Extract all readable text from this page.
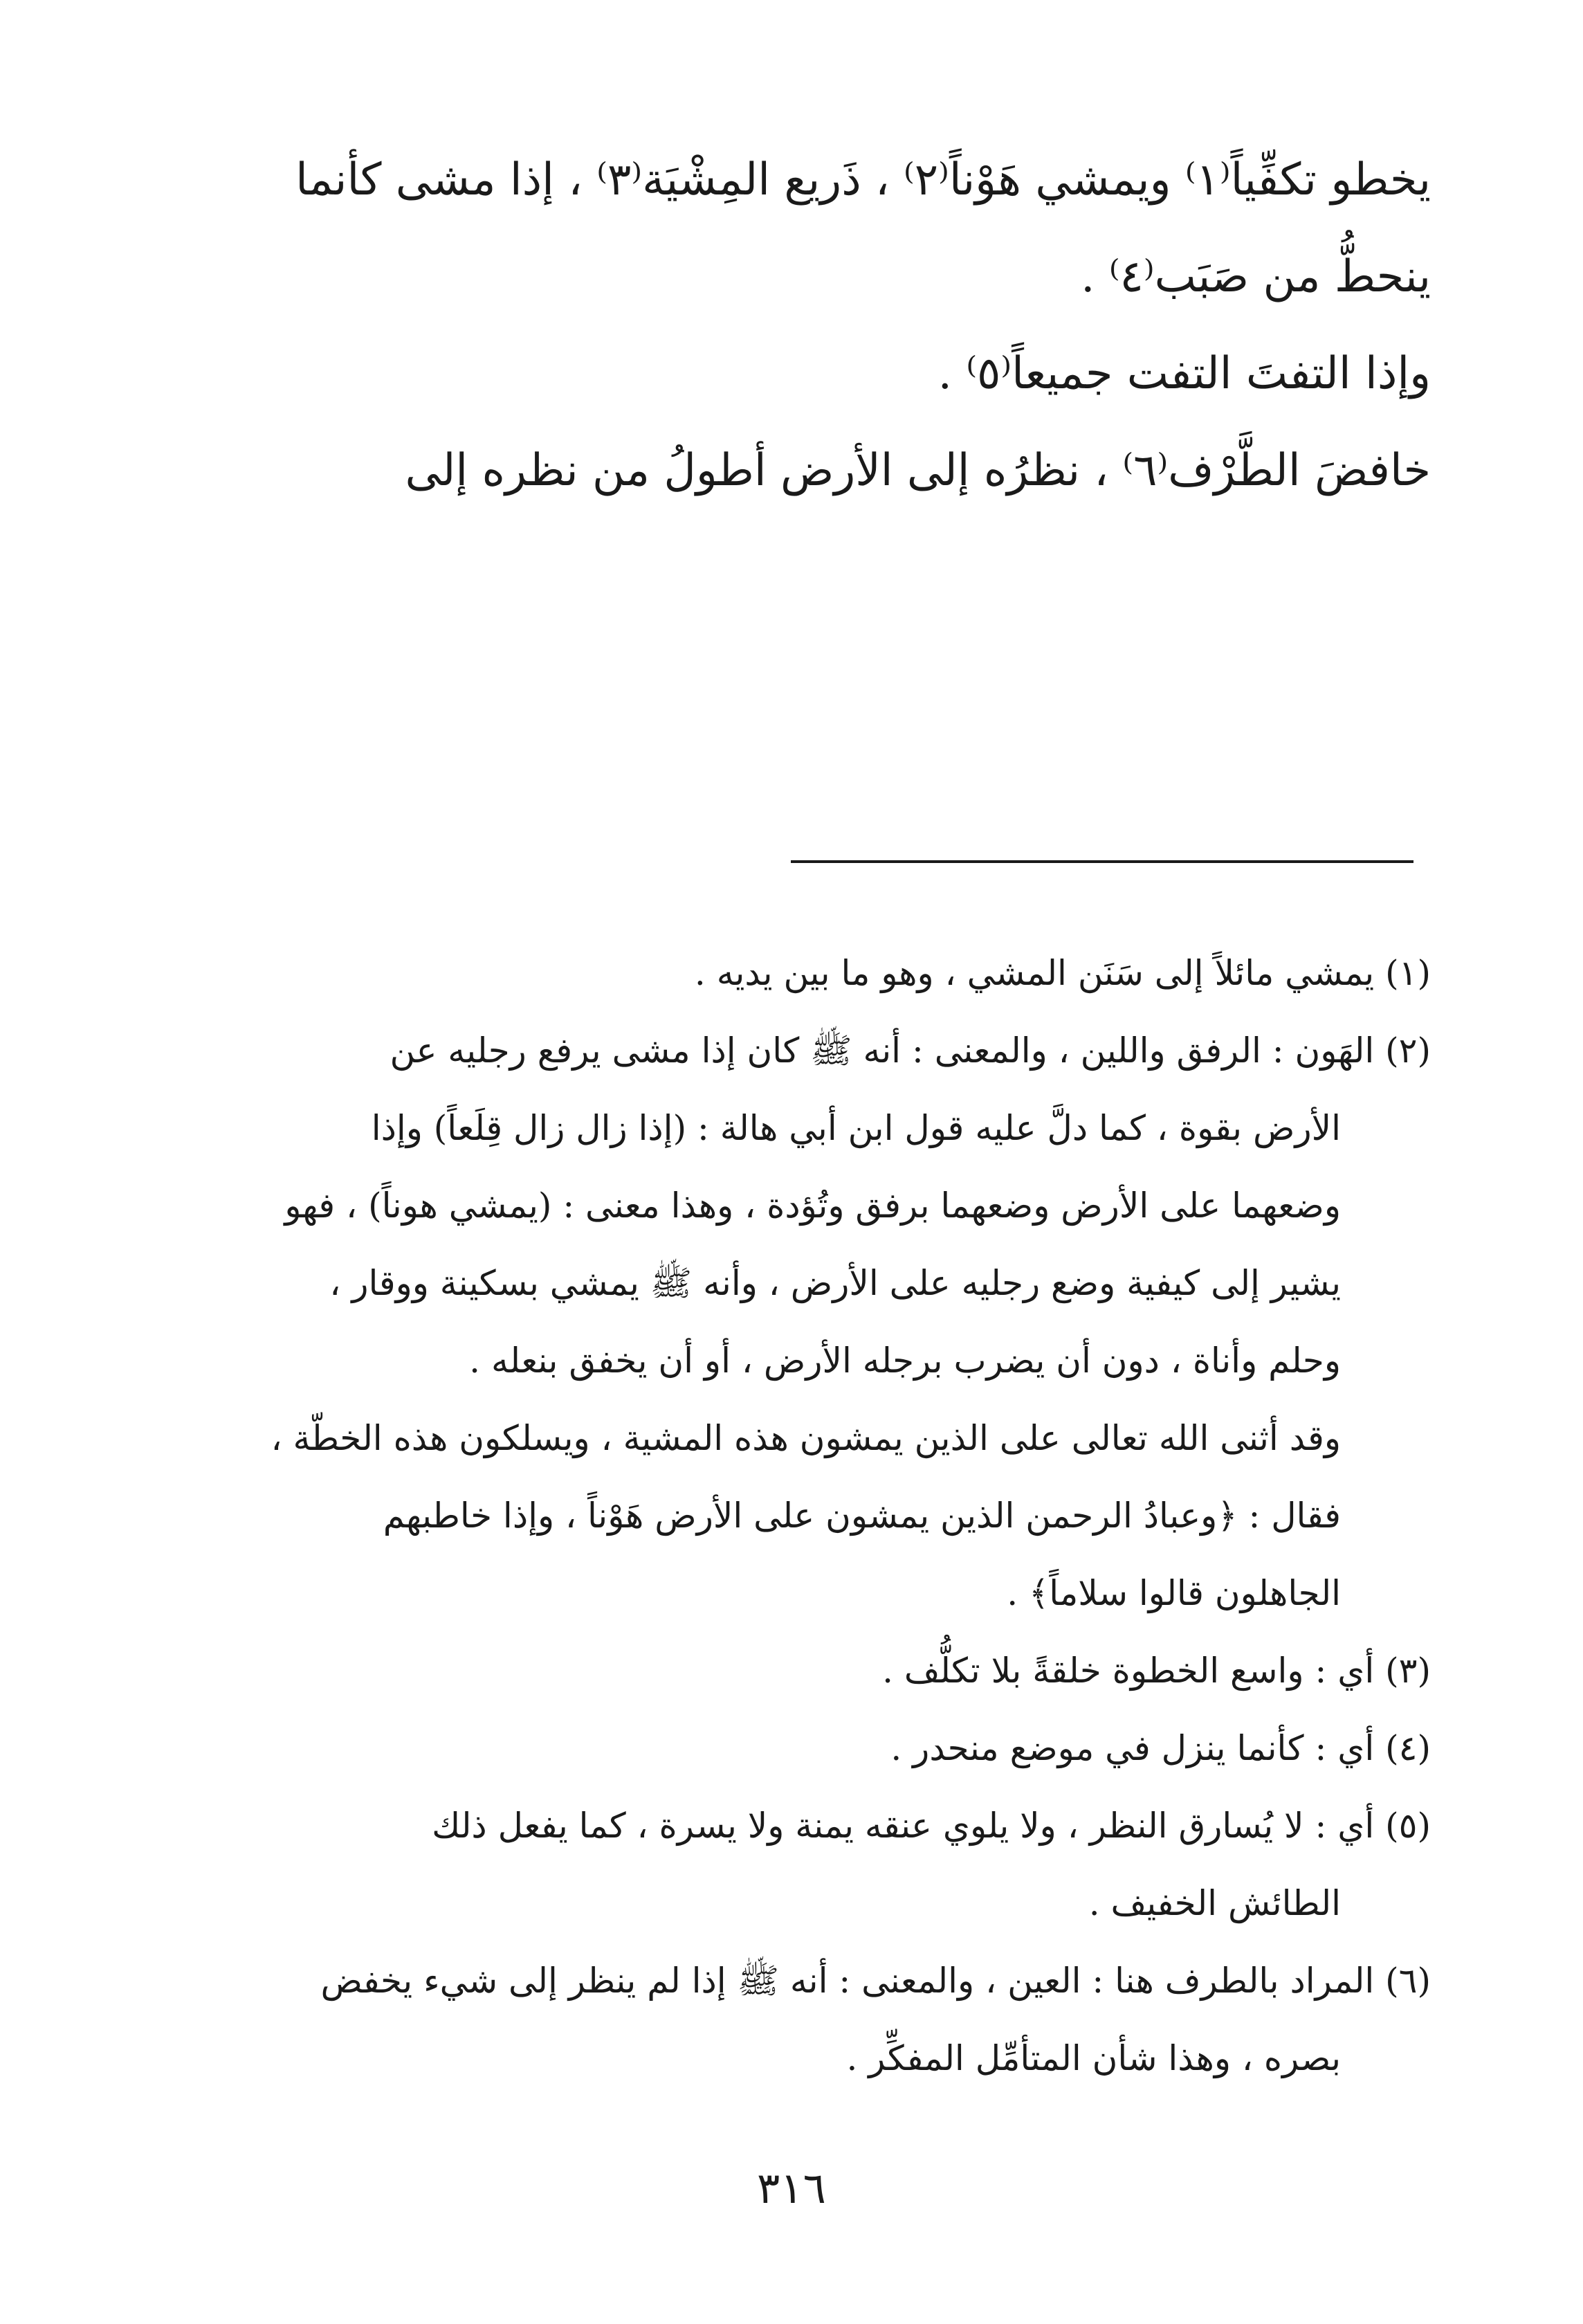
يخطو تكفِّياً⁽١⁾ ويمشي هَوْناً⁽٢⁾ ، ذَريع المِشْيَة⁽٣⁾ ، إذا مشى كأنما
ينحطُّ من صَبَب⁽٤⁾ .
وإذا التفتَ التفت جميعاً⁽٥⁾ .
خافضَ الطَّرْف⁽٦⁾ ، نظرُه إلى الأرض أطولُ من نظره إلى
(١) يمشي مائلاً إلى سَنَن المشي ، وهو ما بين يديه .
(٢) الهَون : الرفق واللين ، والمعنى : أنه ﷺ كان إذا مشى يرفع رجليه عن
الأرض بقوة ، كما دلَّ عليه قول ابن أبي هالة : (إذا زال زال قِلَعاً) وإذا
وضعهما على الأرض وضعهما برفق وتُؤدة ، وهذا معنى : (يمشي هوناً) ، فهو
يشير إلى كيفية وضع رجليه على الأرض ، وأنه ﷺ يمشي بسكينة ووقار ،
وحلم وأناة ، دون أن يضرب برجله الأرض ، أو أن يخفق بنعله .
وقد أثنى الله تعالى على الذين يمشون هذه المشية ، ويسلكون هذه الخطّة ،
فقال : ﴿وعبادُ الرحمن الذين يمشون على الأرض هَوْناً ، وإذا خاطبهم
الجاهلون قالوا سلاماً﴾ .
(٣) أي : واسع الخطوة خلقةً بلا تكلُّف .
(٤) أي : كأنما ينزل في موضع منحدر .
(٥) أي : لا يُسارق النظر ، ولا يلوي عنقه يمنة ولا يسرة ، كما يفعل ذلك
الطائش الخفيف .
(٦) المراد بالطرف هنا : العين ، والمعنى : أنه ﷺ إذا لم ينظر إلى شيء يخفض
بصره ، وهذا شأن المتأمِّل المفكِّر .
٣١٦
